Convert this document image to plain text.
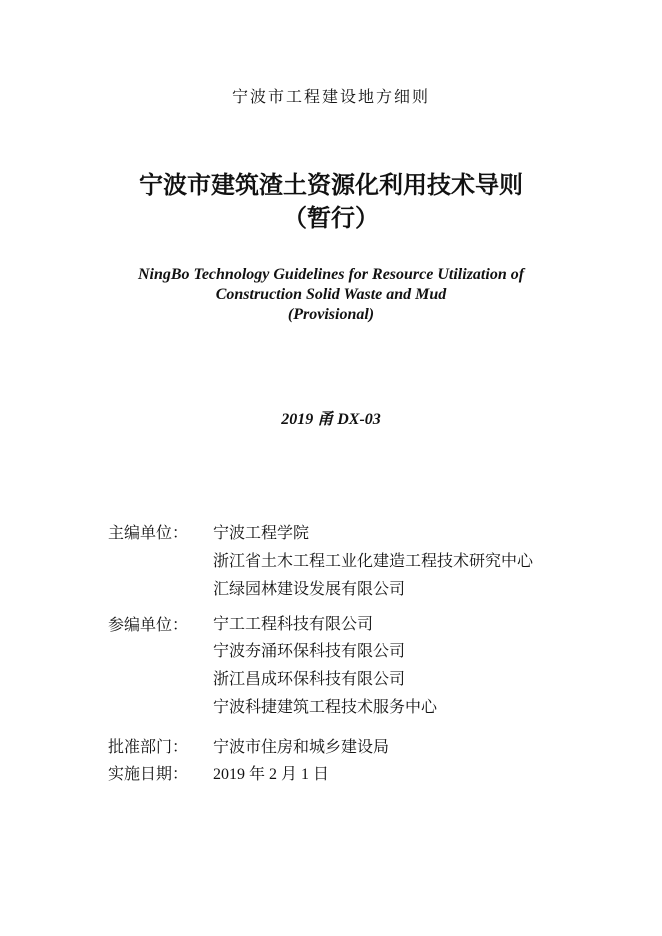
宁波市工程建设地方细则
宁波市建筑渣土资源化利用技术导则
（暂行）
NingBo Technology Guidelines for Resource Utilization of
Construction Solid Waste and Mud
(Provisional)
2019 甬 DX-03
主编单位： 宁波工程学院
浙江省土木工程工业化建造工程技术研究中心
汇绿园林建设发展有限公司
参编单位： 宁工工程科技有限公司
宁波夯涌环保科技有限公司
浙江昌成环保科技有限公司
宁波科捷建筑工程技术服务中心
批准部门： 宁波市住房和城乡建设局
实施日期： 2019 年 2 月 1 日
